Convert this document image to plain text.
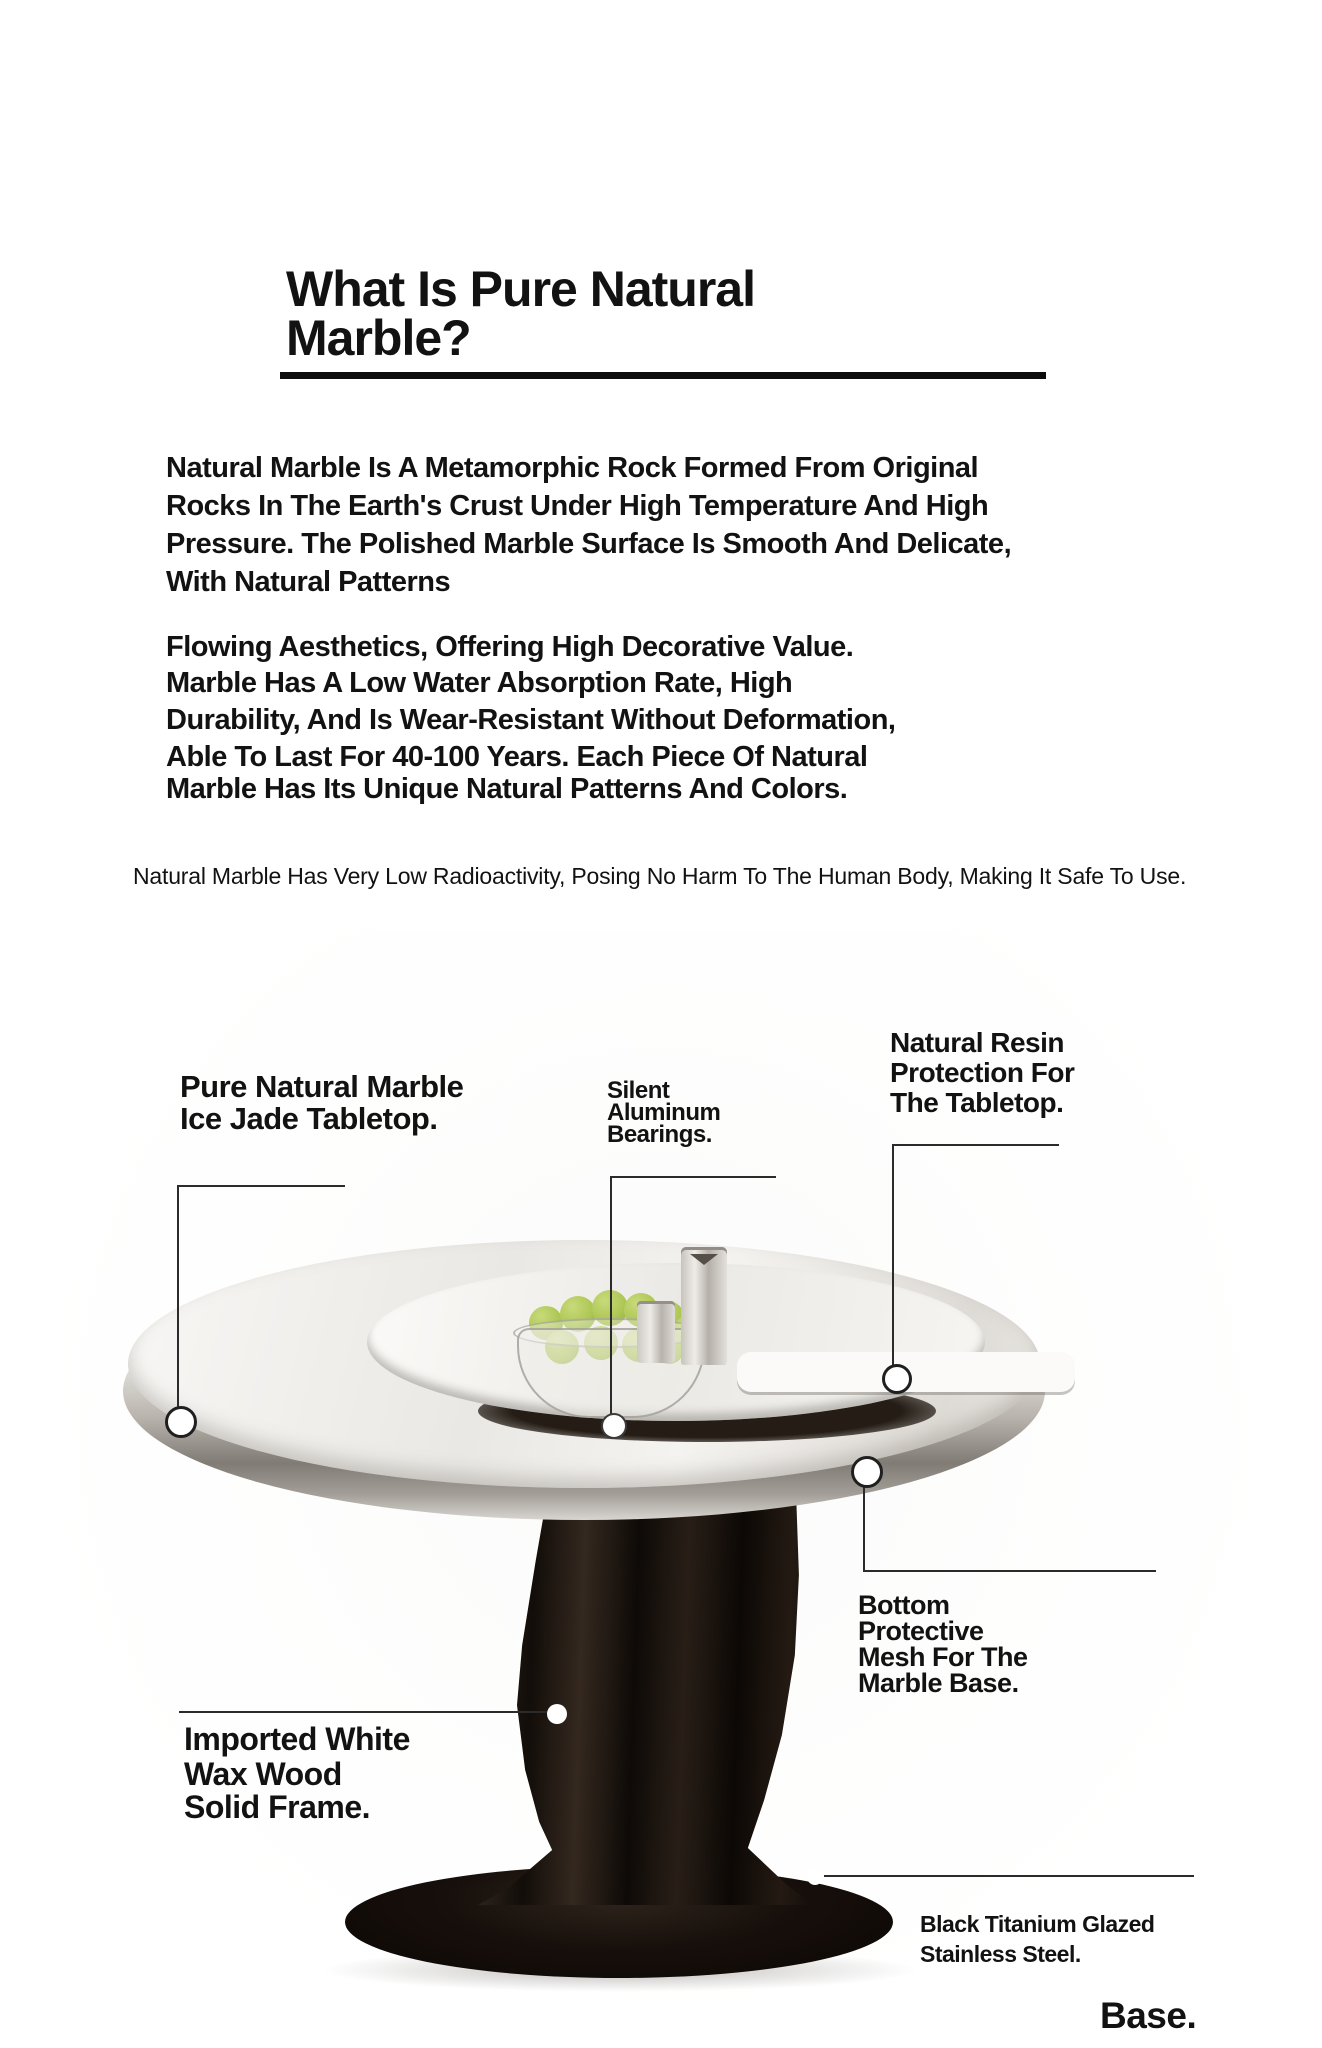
What Is Pure Natural
Marble?
Natural Marble Is A Metamorphic Rock Formed From Original
Rocks In The Earth's Crust Under High Temperature And High
Pressure. The Polished Marble Surface Is Smooth And Delicate,
With Natural Patterns
Flowing Aesthetics, Offering High Decorative Value.
Marble Has A Low Water Absorption Rate, High
Durability, And Is Wear-Resistant Without Deformation,
Able To Last For 40-100 Years. Each Piece Of Natural
Marble Has Its Unique Natural Patterns And Colors.
Natural Marble Has Very Low Radioactivity, Posing No Harm To The Human Body, Making It Safe To Use.
Pure Natural Marble
Ice Jade Tabletop.
Silent
Aluminum
Bearings.
Natural Resin
Protection For
The Tabletop.
Bottom
Protective
Mesh For The
Marble Base.
Imported White
Wax Wood
Solid Frame.
Black Titanium Glazed
Stainless Steel.
Base.
